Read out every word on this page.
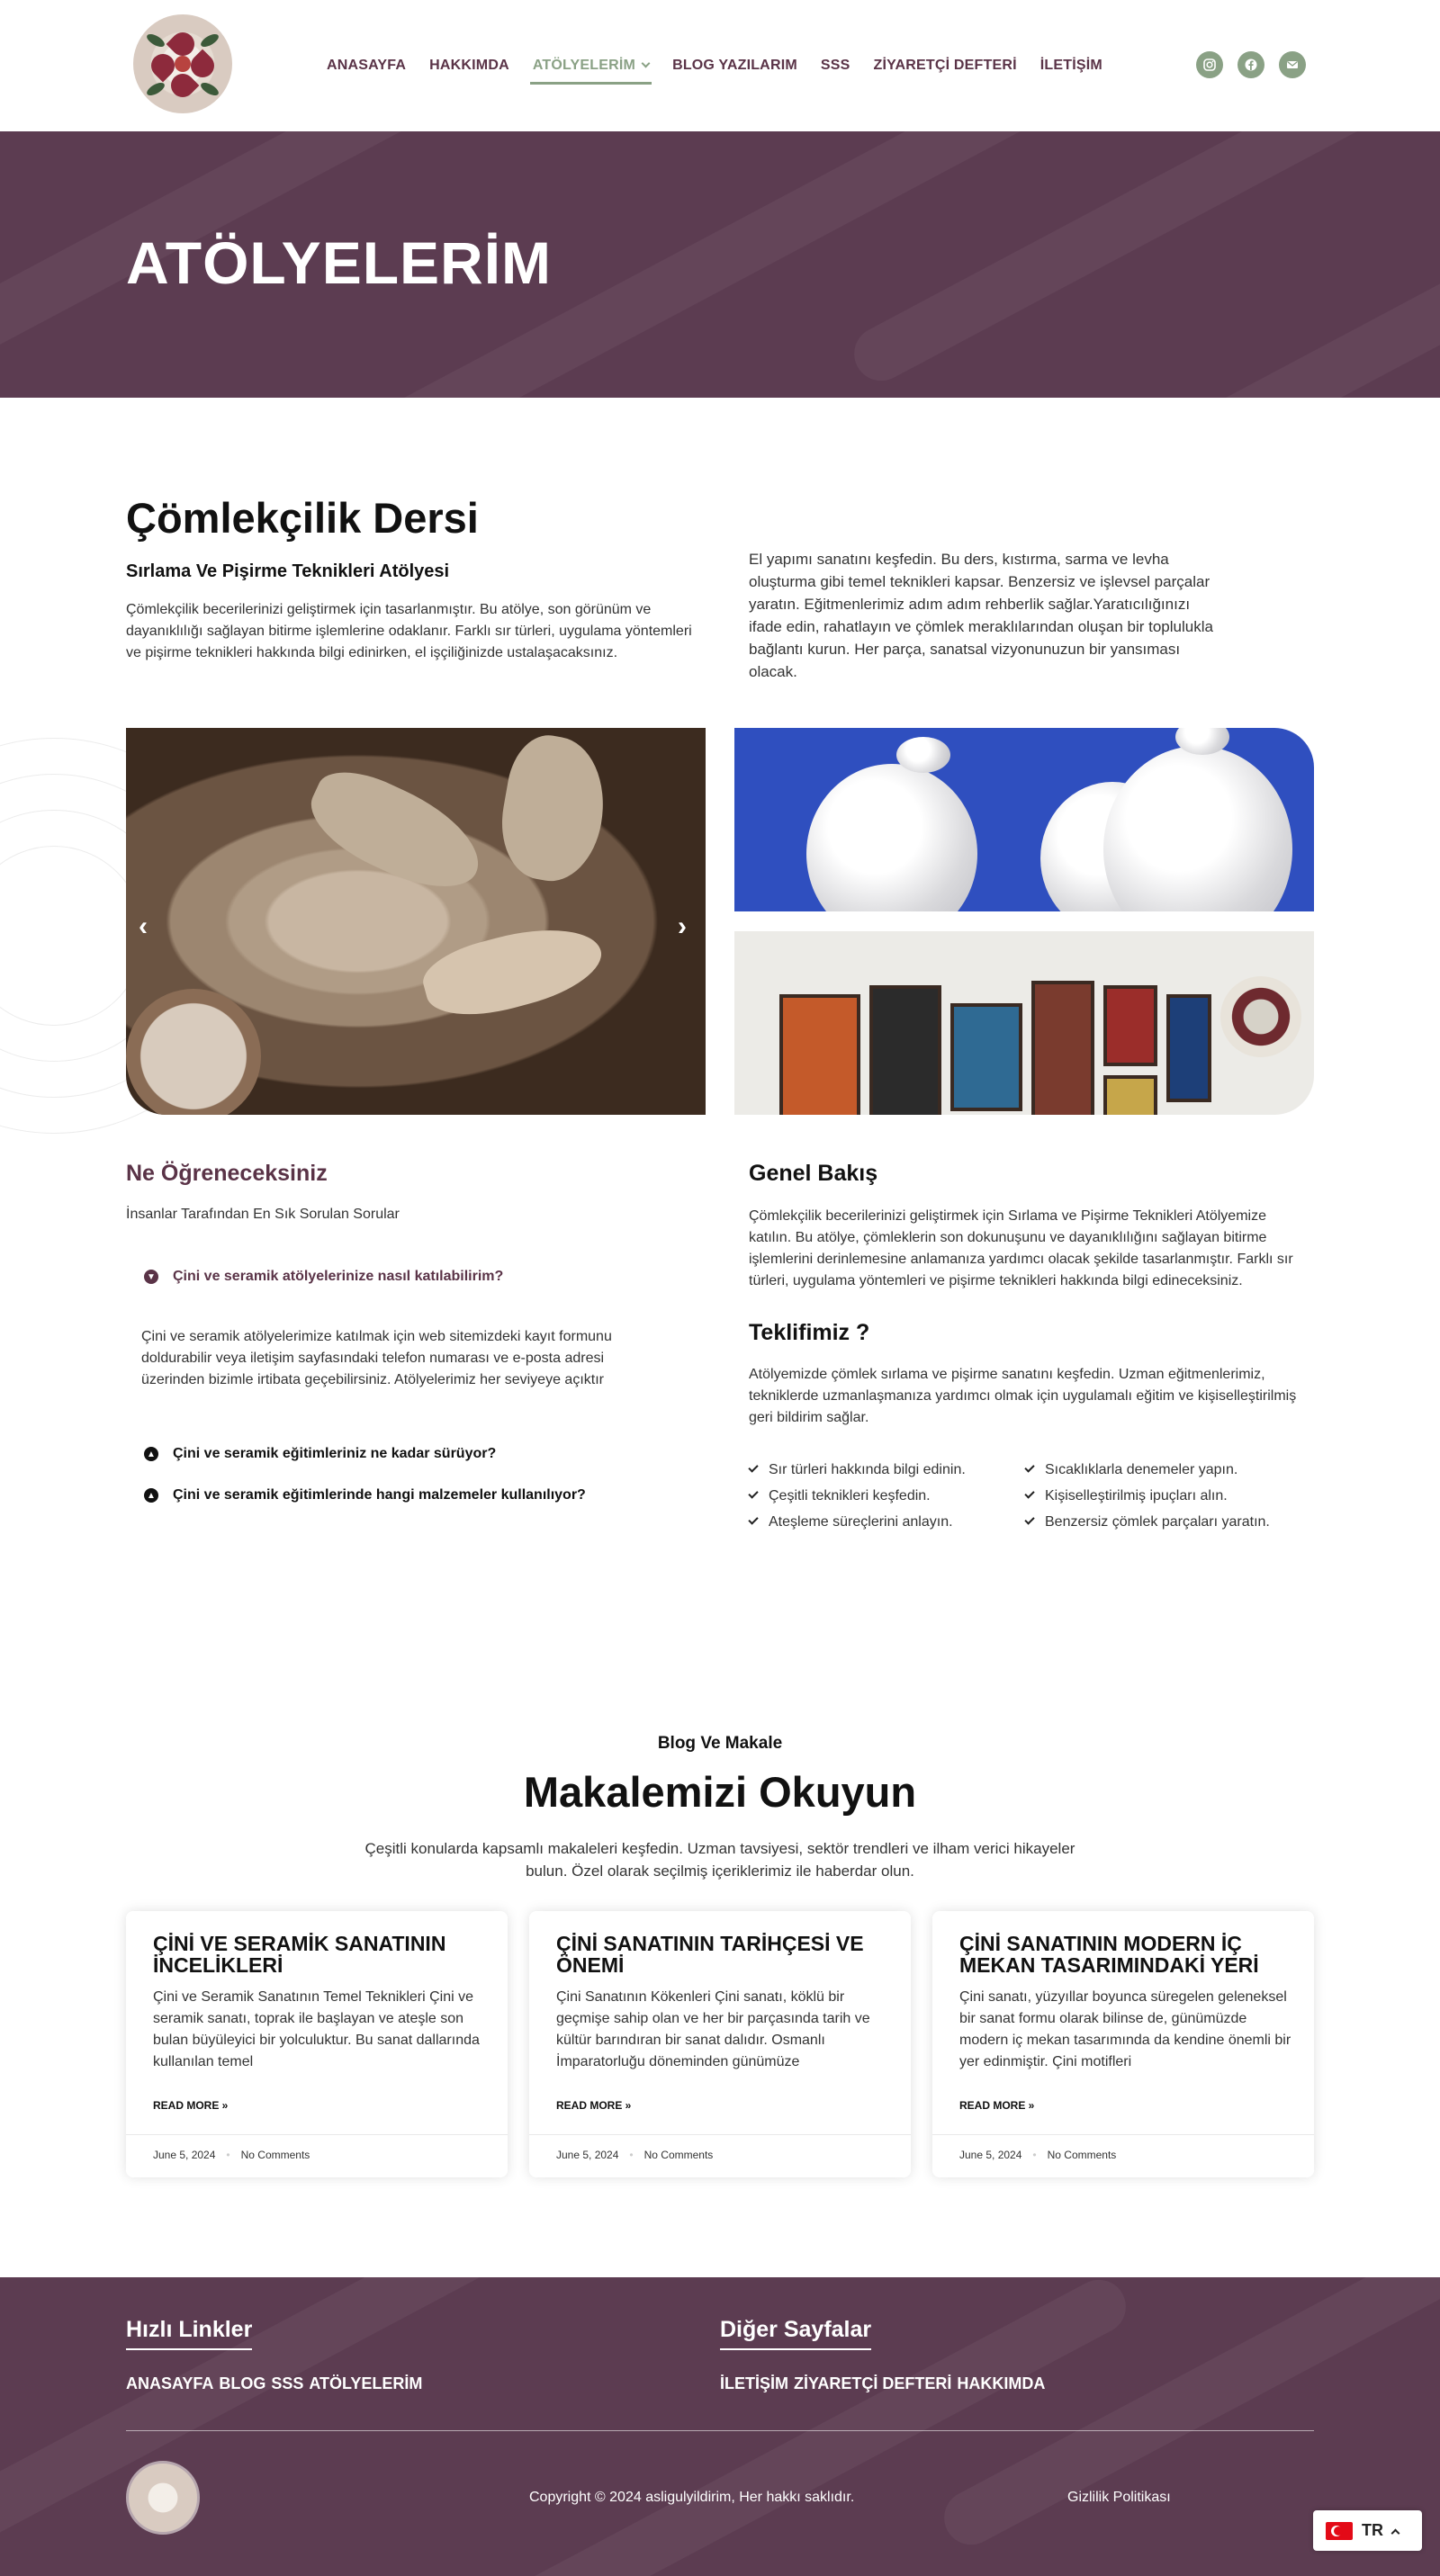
ANASAYFA	HAKKIMDA	ATÖLYELERİM	BLOG YAZILARIM	SSS	ZİYARETÇİ DEFTERİ	İLETİŞİM
ATÖLYELERİM
Çömlekçilik Dersi
Sırlama Ve Pişirme Teknikleri Atölyesi
Çömlekçilik becerilerinizi geliştirmek için tasarlanmıştır. Bu atölye, son görünüm ve dayanıklılığı sağlayan bitirme işlemlerine odaklanır. Farklı sır türleri, uygulama yöntemleri ve pişirme teknikleri hakkında bilgi edinirken, el işçiliğinizde ustalaşacaksınız.
El yapımı sanatını keşfedin. Bu ders, kıstırma, sarma ve levha oluşturma gibi temel teknikleri kapsar. Benzersiz ve işlevsel parçalar yaratın. Eğitmenlerimiz adım adım rehberlik sağlar.Yaratıcılığınızı ifade edin, rahatlayın ve çömlek meraklılarından oluşan bir toplulukla bağlantı kurun. Her parça, sanatsal vizyonunuzun bir yansıması olacak.
‹	›
Ne Öğreneceksiniz
İnsanlar Tarafından En Sık Sorulan Sorular
▼ Çini ve seramik atölyelerinize nasıl katılabilirim?
Çini ve seramik atölyelerimize katılmak için web sitemizdeki kayıt formunu doldurabilir veya iletişim sayfasındaki telefon numarası ve e-posta adresi üzerinden bizimle irtibata geçebilirsiniz. Atölyelerimiz her seviyeye açıktır
▲ Çini ve seramik eğitimleriniz ne kadar sürüyor?
▲ Çini ve seramik eğitimlerinde hangi malzemeler kullanılıyor?
Genel Bakış
Çömlekçilik becerilerinizi geliştirmek için Sırlama ve Pişirme Teknikleri Atölyemize katılın. Bu atölye, çömleklerin son dokunuşunu ve dayanıklılığını sağlayan bitirme işlemlerini derinlemesine anlamanıza yardımcı olacak şekilde tasarlanmıştır. Farklı sır türleri, uygulama yöntemleri ve pişirme teknikleri hakkında bilgi edineceksiniz.
Teklifimiz ?
Atölyemizde çömlek sırlama ve pişirme sanatını keşfedin. Uzman eğitmenlerimiz, tekniklerde uzmanlaşmanıza yardımcı olmak için uygulamalı eğitim ve kişiselleştirilmiş geri bildirim sağlar.
Sır türleri hakkında bilgi edinin.
Çeşitli teknikleri keşfedin.
Ateşleme süreçlerini anlayın.
Sıcaklıklarla denemeler yapın.
Kişiselleştirilmiş ipuçları alın.
Benzersiz çömlek parçaları yaratın.
Blog Ve Makale
Makalemizi Okuyun
Çeşitli konularda kapsamlı makaleleri keşfedin. Uzman tavsiyesi, sektör trendleri ve ilham verici hikayeler bulun. Özel olarak seçilmiş içeriklerimiz ile haberdar olun.
ÇİNİ VE SERAMİK SANATININ İNCELİKLERİ
Çini ve Seramik Sanatının Temel Teknikleri Çini ve seramik sanatı, toprak ile başlayan ve ateşle son bulan büyüleyici bir yolculuktur. Bu sanat dallarında kullanılan temel
READ MORE »
June 5, 2024 • No Comments
ÇİNİ SANATININ TARİHÇESİ VE ÖNEMİ
Çini Sanatının Kökenleri Çini sanatı, köklü bir geçmişe sahip olan ve her bir parçasında tarih ve kültür barındıran bir sanat dalıdır. Osmanlı İmparatorluğu döneminden günümüze
READ MORE »
June 5, 2024 • No Comments
ÇİNİ SANATININ MODERN İÇ MEKAN TASARIMINDAKİ YERİ
Çini sanatı, yüzyıllar boyunca süregelen geleneksel bir sanat formu olarak bilinse de, günümüzde modern iç mekan tasarımında da kendine önemli bir yer edinmiştir. Çini motifleri
READ MORE »
June 5, 2024 • No Comments
Hızlı Linkler
ANASAYFA BLOG SSS ATÖLYELERİM
Diğer Sayfalar
İLETİŞİM ZİYARETÇİ DEFTERİ HAKKIMDA
Copyright © 2024 asligulyildirim, Her hakkı saklıdır.	Gizlilik Politikası
TR
